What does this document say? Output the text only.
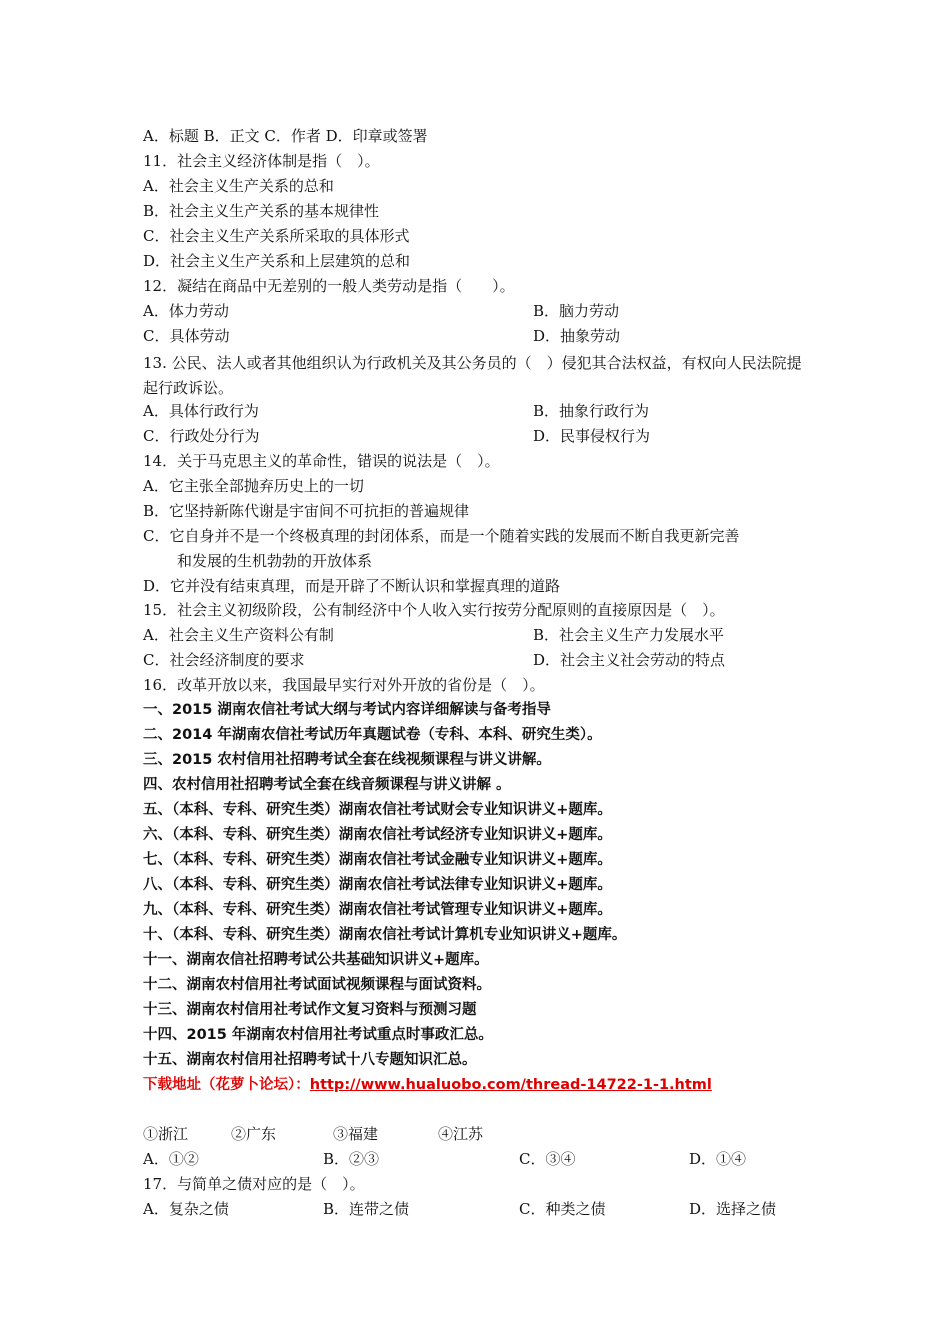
A．标题 B．正文 C．作者 D．印章或签署
11．社会主义经济体制是指（　）。
A．社会主义生产关系的总和
B．社会主义生产关系的基本规律性
C．社会主义生产关系所采取的具体形式
D．社会主义生产关系和上层建筑的总和
12．凝结在商品中无差别的一般人类劳动是指（　　）。
A．体力劳动	B．脑力劳动
C．具体劳动	D．抽象劳动
13. 公民、法人或者其他组织认为行政机关及其公务员的（　）侵犯其合法权益，有权向人民法院提起行政诉讼。
A．具体行政行为	B．抽象行政行为
C．行政处分行为	D．民事侵权行为
14．关于马克思主义的革命性，错误的说法是（　）。
A．它主张全部抛弃历史上的一切
B．它坚持新陈代谢是宇宙间不可抗拒的普遍规律
C．它自身并不是一个终极真理的封闭体系，而是一个随着实践的发展而不断自我更新完善
和发展的生机勃勃的开放体系
D．它并没有结束真理，而是开辟了不断认识和掌握真理的道路
15．社会主义初级阶段，公有制经济中个人收入实行按劳分配原则的直接原因是（　）。
A．社会主义生产资料公有制	B．社会主义生产力发展水平
C．社会经济制度的要求	D．社会主义社会劳动的特点
16．改革开放以来，我国最早实行对外开放的省份是（　）。
一、2015 湖南农信社考试大纲与考试内容详细解读与备考指导
二、2014 年湖南农信社考试历年真题试卷（专科、本科、研究生类）。
三、2015 农村信用社招聘考试全套在线视频课程与讲义讲解。
四、农村信用社招聘考试全套在线音频课程与讲义讲解 。
五、（本科、专科、研究生类）湖南农信社考试财会专业知识讲义+题库。
六、（本科、专科、研究生类）湖南农信社考试经济专业知识讲义+题库。
七、（本科、专科、研究生类）湖南农信社考试金融专业知识讲义+题库。
八、（本科、专科、研究生类）湖南农信社考试法律专业知识讲义+题库。
九、（本科、专科、研究生类）湖南农信社考试管理专业知识讲义+题库。
十、（本科、专科、研究生类）湖南农信社考试计算机专业知识讲义+题库。
十一、湖南农信社招聘考试公共基础知识讲义+题库。
十二、湖南农村信用社考试面试视频课程与面试资料。
十三、湖南农村信用社考试作文复习资料与预测习题
十四、2015 年湖南农村信用社考试重点时事政汇总。
十五、湖南农村信用社招聘考试十八专题知识汇总。
下载地址（花萝卜论坛）：http://www.hualuobo.com/thread-14722-1-1.html
①浙江	②广东	③福建	④江苏
A．①②	B．②③	C．③④	D．①④
17．与简单之债对应的是（　）。
A．复杂之债	B．连带之债	C．种类之债	D．选择之债
